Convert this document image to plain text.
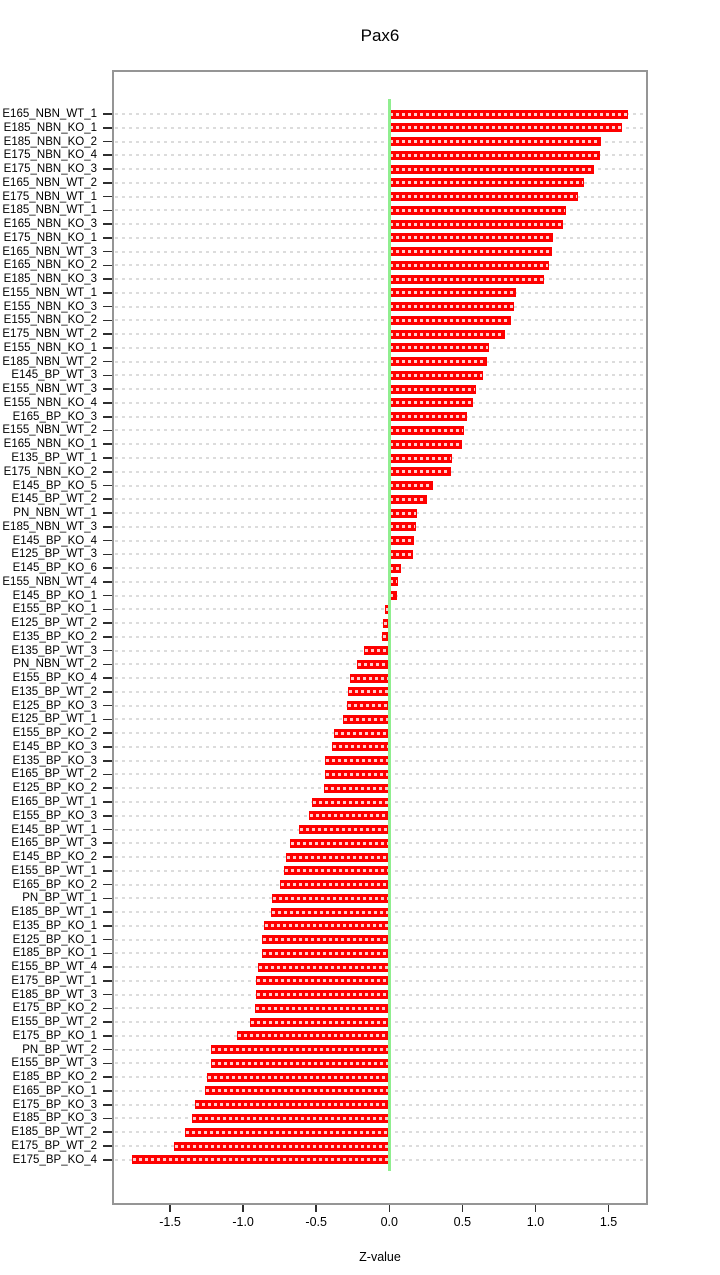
Pax6
E165_NBN_WT_1
E185_NBN_KO_1
E185_NBN_KO_2
E175_NBN_KO_4
E175_NBN_KO_3
E165_NBN_WT_2
E175_NBN_WT_1
E185_NBN_WT_1
E165_NBN_KO_3
E175_NBN_KO_1
E165_NBN_WT_3
E165_NBN_KO_2
E185_NBN_KO_3
E155_NBN_WT_1
E155_NBN_KO_3
E155_NBN_KO_2
E175_NBN_WT_2
E155_NBN_KO_1
E185_NBN_WT_2
E145_BP_WT_3
E155_NBN_WT_3
E155_NBN_KO_4
E165_BP_KO_3
E155_NBN_WT_2
E165_NBN_KO_1
E135_BP_WT_1
E175_NBN_KO_2
E145_BP_KO_5
E145_BP_WT_2
PN_NBN_WT_1
E185_NBN_WT_3
E145_BP_KO_4
E125_BP_WT_3
E145_BP_KO_6
E155_NBN_WT_4
E145_BP_KO_1
E155_BP_KO_1
E125_BP_WT_2
E135_BP_KO_2
E135_BP_WT_3
PN_NBN_WT_2
E155_BP_KO_4
E135_BP_WT_2
E125_BP_KO_3
E125_BP_WT_1
E155_BP_KO_2
E145_BP_KO_3
E135_BP_KO_3
E165_BP_WT_2
E125_BP_KO_2
E165_BP_WT_1
E155_BP_KO_3
E145_BP_WT_1
E165_BP_WT_3
E145_BP_KO_2
E155_BP_WT_1
E165_BP_KO_2
PN_BP_WT_1
E185_BP_WT_1
E135_BP_KO_1
E125_BP_KO_1
E185_BP_KO_1
E155_BP_WT_4
E175_BP_WT_1
E185_BP_WT_3
E175_BP_KO_2
E155_BP_WT_2
E175_BP_KO_1
PN_BP_WT_2
E155_BP_WT_3
E185_BP_KO_2
E165_BP_KO_1
E175_BP_KO_3
E185_BP_KO_3
E185_BP_WT_2
E175_BP_WT_2
E175_BP_KO_4
-1.5	-1.0	-0.5	0.0	0.5	1.0	1.5
Z-value
